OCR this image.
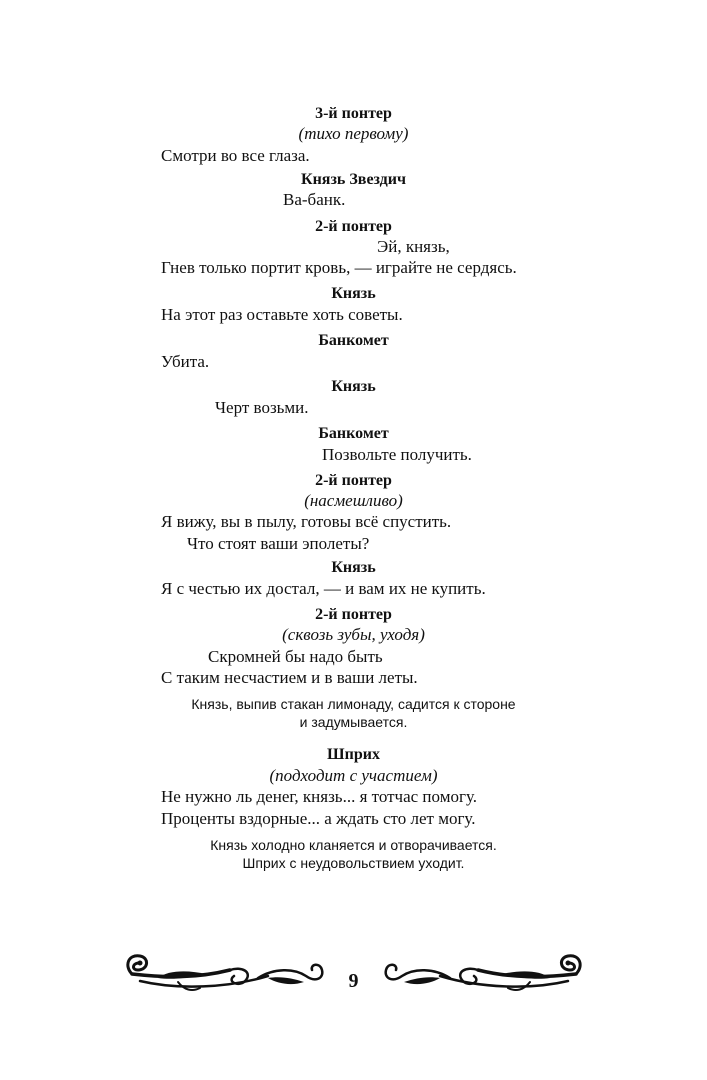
3-й понтер
(тихо первому)
Смотри во все глаза.
Князь Звездич
Ва-банк.
2-й понтер
Эй, князь,
Гнев только портит кровь, — играйте не сердясь.
Князь
На этот раз оставьте хоть советы.
Банкомет
Убита.
Князь
Черт возьми.
Банкомет
Позвольте получить.
2-й понтер
(насмешливо)
Я вижу, вы в пылу, готовы всё спустить.
Что стоят ваши эполеты?
Князь
Я с честью их достал, — и вам их не купить.
2-й понтер
(сквозь зубы, уходя)
Скромней бы надо быть
С таким несчастием и в ваши леты.
Князь, выпив стакан лимонаду, садится к стороне
и задумывается.
Шприх
(подходит с участием)
Не нужно ль денег, князь... я тотчас помогу.
Проценты вздорные... а ждать сто лет могу.
Князь холодно кланяется и отворачивается.
Шприх с неудовольствием уходит.
9
